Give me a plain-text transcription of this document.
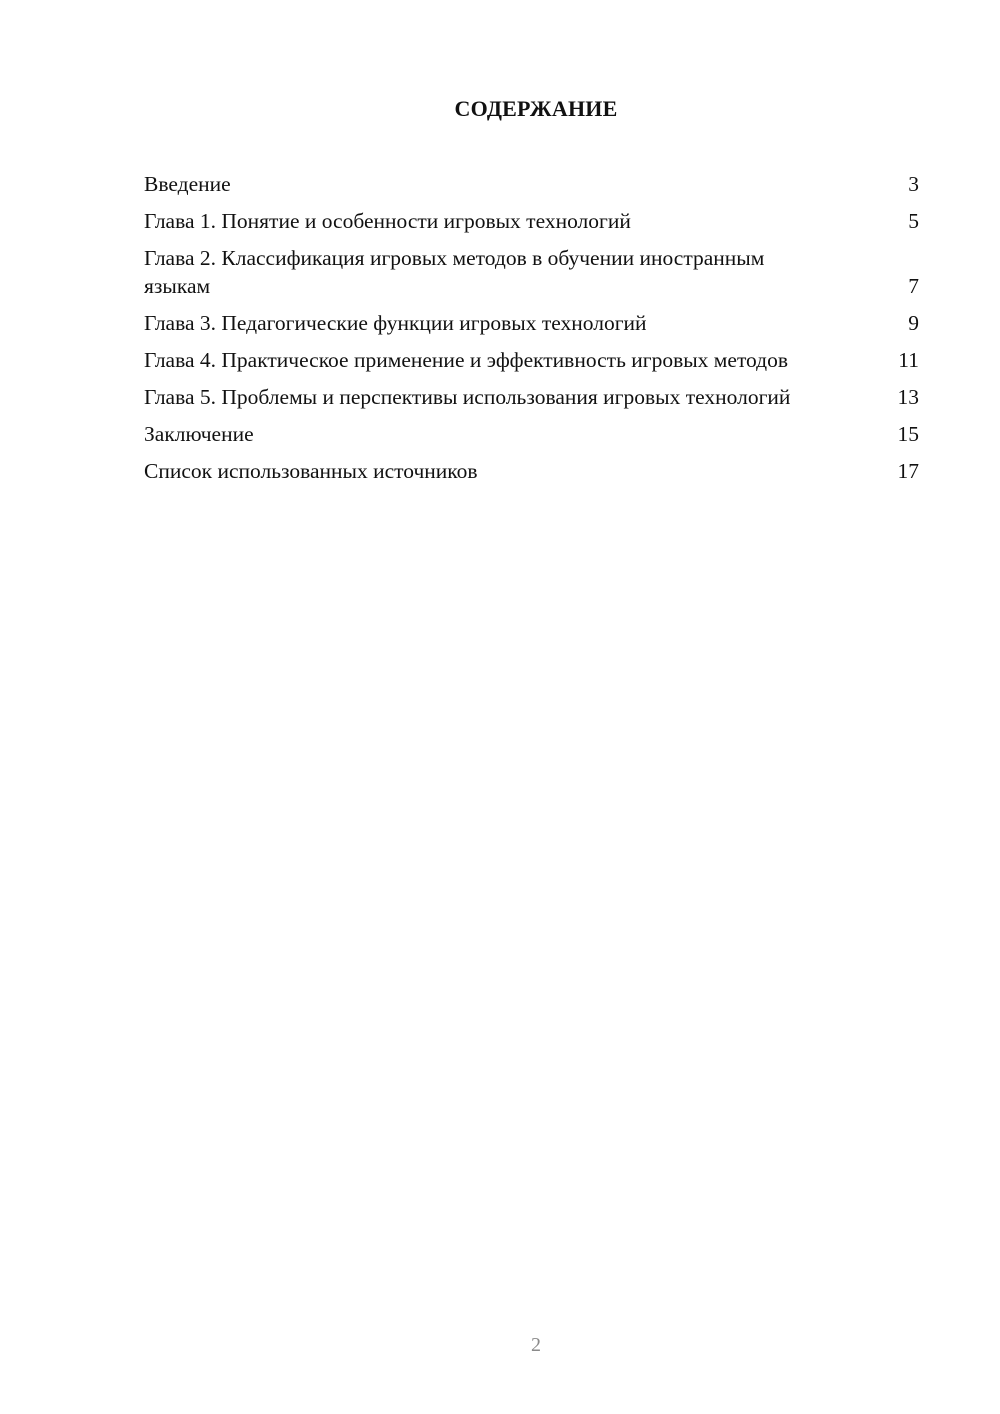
СОДЕРЖАНИЕ
Введение	3
Глава 1. Понятие и особенности игровых технологий	5
Глава 2. Классификация игровых методов в обучении иностранным языкам	7
Глава 3. Педагогические функции игровых технологий	9
Глава 4. Практическое применение и эффективность игровых методов	11
Глава 5. Проблемы и перспективы использования игровых технологий	13
Заключение	15
Список использованных источников	17
2
